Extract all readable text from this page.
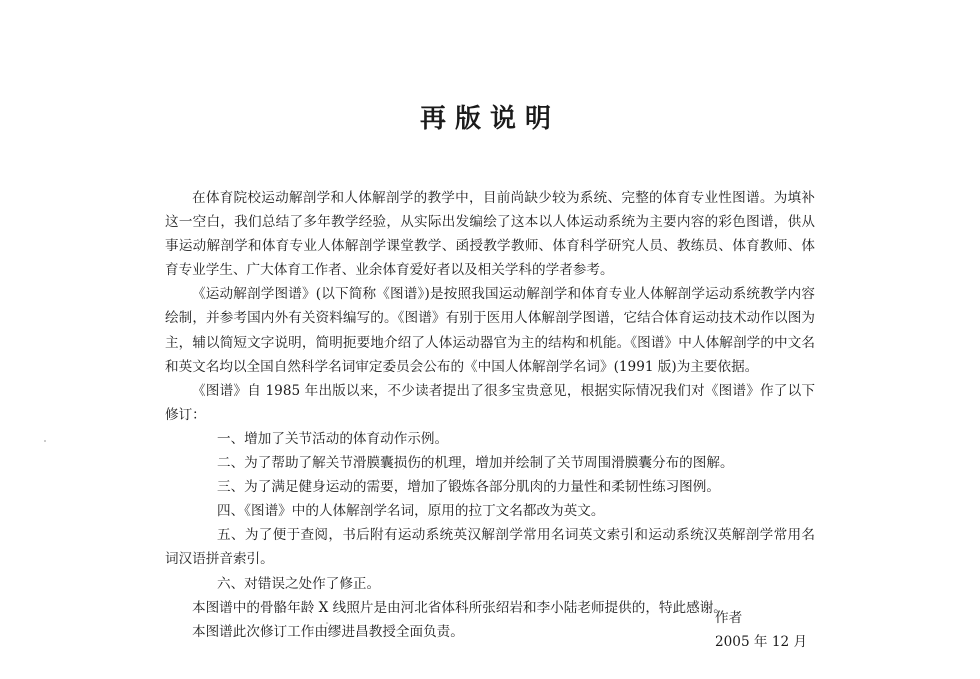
再版说明

在体育院校运动解剖学和人体解剖学的教学中，目前尚缺少较为系统、完整的体育专业性图谱。为填补这一空白，我们总结了多年教学经验，从实际出发编绘了这本以人体运动系统为主要内容的彩色图谱，供从事运动解剖学和体育专业人体解剖学课堂教学、函授教学教师、体育科学研究人员、教练员、体育教师、体育专业学生、广大体育工作者、业余体育爱好者以及相关学科的学者参考。

《运动解剖学图谱》(以下简称《图谱》)是按照我国运动解剖学和体育专业人体解剖学运动系统教学内容绘制，并参考国内外有关资料编写的。《图谱》有别于医用人体解剖学图谱，它结合体育运动技术动作以图为主，辅以简短文字说明，简明扼要地介绍了人体运动器官为主的结构和机能。《图谱》中人体解剖学的中文名和英文名均以全国自然科学名词审定委员会公布的《中国人体解剖学名词》(1991 版)为主要依据。

《图谱》自 1985 年出版以来，不少读者提出了很多宝贵意见，根据实际情况我们对《图谱》作了以下修订：

一、增加了关节活动的体育动作示例。

二、为了帮助了解关节滑膜囊损伤的机理，增加并绘制了关节周围滑膜囊分布的图解。

三、为了满足健身运动的需要，增加了锻炼各部分肌肉的力量性和柔韧性练习图例。

四、《图谱》中的人体解剖学名词，原用的拉丁文名都改为英文。

五、为了便于查阅，书后附有运动系统英汉解剖学常用名词英文索引和运动系统汉英解剖学常用名词汉语拼音索引。

六、对错误之处作了修正。

本图谱中的骨骼年龄 X 线照片是由河北省体科所张绍岩和李小陆老师提供的，特此感谢。

本图谱此次修订工作由缪进昌教授全面负责。

作者
2005 年 12 月
